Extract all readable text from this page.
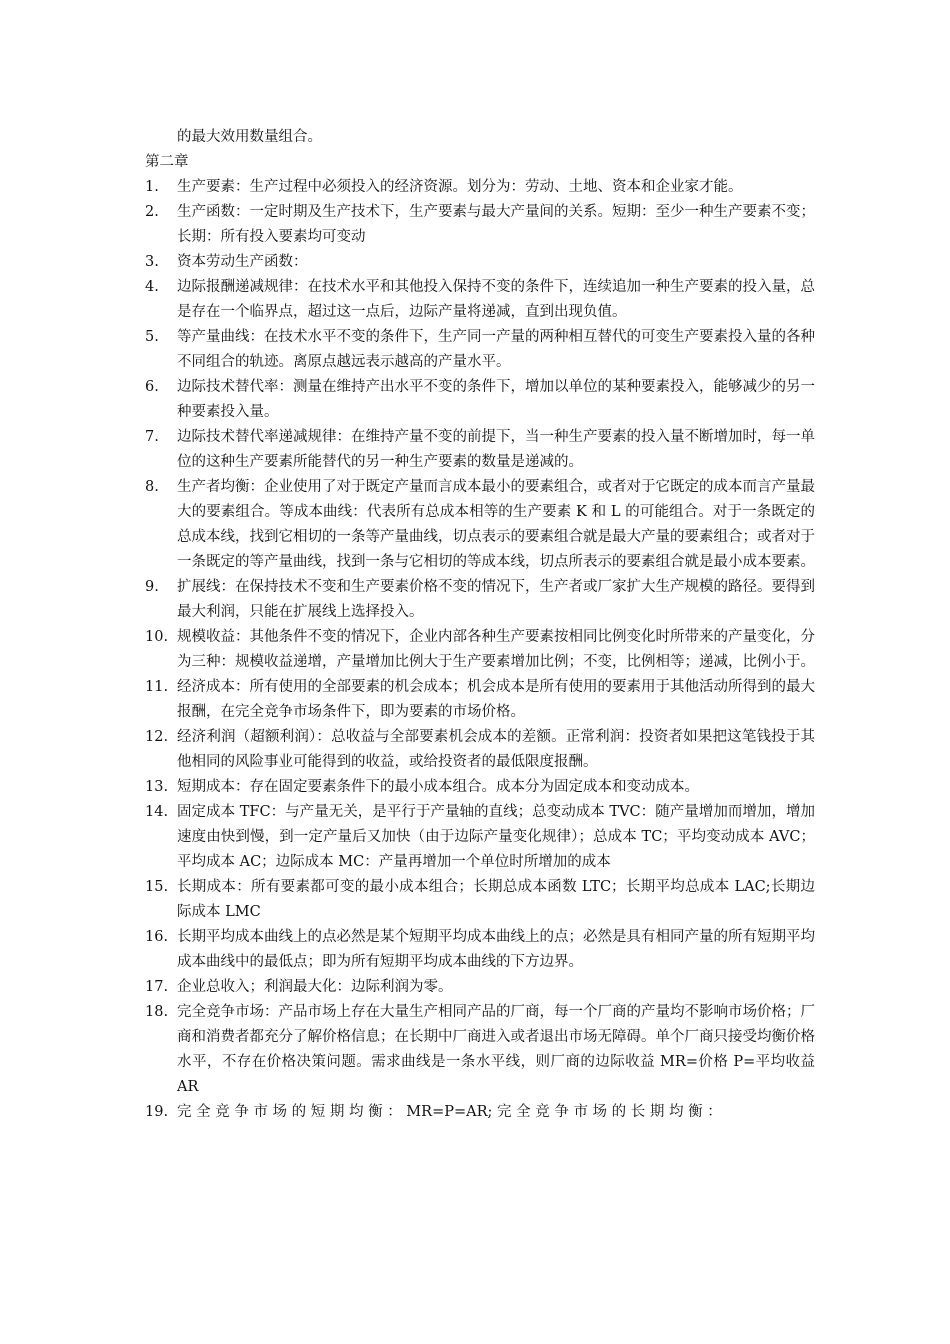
的最大效用数量组合。
第二章
1.	生产要素：生产过程中必须投入的经济资源。划分为：劳动、土地、资本和企业家才能。
2.	生产函数：一定时期及生产技术下，生产要素与最大产量间的关系。短期：至少一种生产要素不变；长期：所有投入要素均可变动
3.	资本劳动生产函数：
4.	边际报酬递减规律：在技术水平和其他投入保持不变的条件下，连续追加一种生产要素的投入量，总是存在一个临界点，超过这一点后，边际产量将递减，直到出现负值。
5.	等产量曲线：在技术水平不变的条件下，生产同一产量的两种相互替代的可变生产要素投入量的各种不同组合的轨迹。离原点越远表示越高的产量水平。
6.	边际技术替代率：测量在维持产出水平不变的条件下，增加以单位的某种要素投入，能够减少的另一种要素投入量。
7.	边际技术替代率递减规律：在维持产量不变的前提下，当一种生产要素的投入量不断增加时，每一单位的这种生产要素所能替代的另一种生产要素的数量是递减的。
8.	生产者均衡：企业使用了对于既定产量而言成本最小的要素组合，或者对于它既定的成本而言产量最大的要素组合。等成本曲线：代表所有总成本相等的生产要素 K 和 L 的可能组合。对于一条既定的总成本线，找到它相切的一条等产量曲线，切点表示的要素组合就是最大产量的要素组合；或者对于一条既定的等产量曲线，找到一条与它相切的等成本线，切点所表示的要素组合就是最小成本要素。
9.	扩展线：在保持技术不变和生产要素价格不变的情况下，生产者或厂家扩大生产规模的路径。要得到最大利润，只能在扩展线上选择投入。
10. 规模收益：其他条件不变的情况下，企业内部各种生产要素按相同比例变化时所带来的产量变化，分为三种：规模收益递增，产量增加比例大于生产要素增加比例；不变，比例相等；递减，比例小于。
11. 经济成本：所有使用的全部要素的机会成本；机会成本是所有使用的要素用于其他活动所得到的最大报酬，在完全竞争市场条件下，即为要素的市场价格。
12. 经济利润（超额利润）：总收益与全部要素机会成本的差额。正常利润：投资者如果把这笔钱投于其他相同的风险事业可能得到的收益，或给投资者的最低限度报酬。
13. 短期成本：存在固定要素条件下的最小成本组合。成本分为固定成本和变动成本。
14. 固定成本 TFC：与产量无关，是平行于产量轴的直线；总变动成本 TVC：随产量增加而增加，增加速度由快到慢，到一定产量后又加快（由于边际产量变化规律）；总成本 TC；平均变动成本 AVC；平均成本 AC；边际成本 MC：产量再增加一个单位时所增加的成本
15. 长期成本：所有要素都可变的最小成本组合；长期总成本函数 LTC；长期平均总成本 LAC;长期边际成本 LMC
16. 长期平均成本曲线上的点必然是某个短期平均成本曲线上的点；必然是具有相同产量的所有短期平均成本曲线中的最低点；即为所有短期平均成本曲线的下方边界。
17. 企业总收入；利润最大化：边际利润为零。
18. 完全竞争市场：产品市场上存在大量生产相同产品的厂商，每一个厂商的产量均不影响市场价格；厂商和消费者都充分了解价格信息；在长期中厂商进入或者退出市场无障碍。单个厂商只接受均衡价格水平，不存在价格决策问题。需求曲线是一条水平线，则厂商的边际收益 MR=价格 P=平均收益 AR
19. 完 全 竞 争 市 场 的 短 期 均 衡 ： MR=P=AR; 完 全 竞 争 市 场 的 长 期 均 衡 ：
